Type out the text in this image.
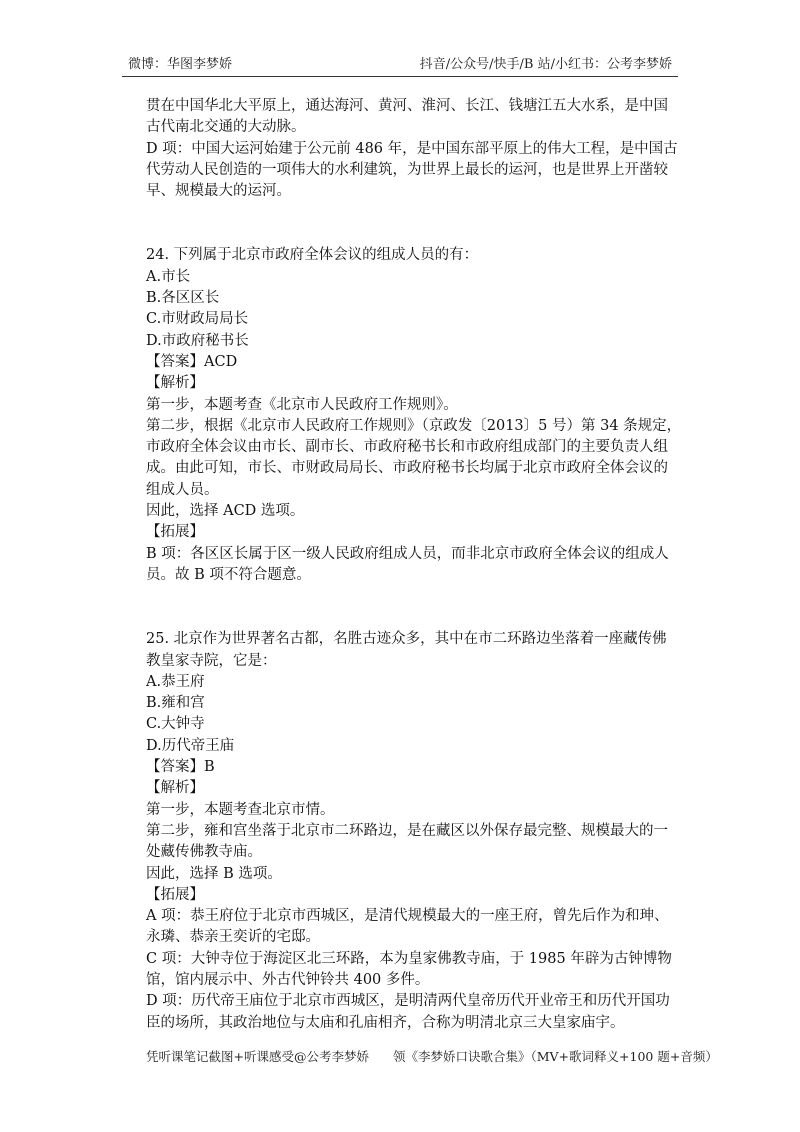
微博：华图李梦娇	抖音/公众号/快手/B 站/小红书：公考李梦娇
贯在中国华北大平原上，通达海河、黄河、淮河、长江、钱塘江五大水系，是中国
古代南北交通的大动脉。
D 项：中国大运河始建于公元前 486 年，是中国东部平原上的伟大工程，是中国古
代劳动人民创造的一项伟大的水利建筑，为世界上最长的运河，也是世界上开凿较
早、规模最大的运河。
24. 下列属于北京市政府全体会议的组成人员的有：
A.市长
B.各区区长
C.市财政局局长
D.市政府秘书长
【答案】ACD
【解析】
第一步，本题考查《北京市人民政府工作规则》。
第二步，根据《北京市人民政府工作规则》（京政发〔2013〕5 号）第 34 条规定，
市政府全体会议由市长、副市长、市政府秘书长和市政府组成部门的主要负责人组
成。由此可知，市长、市财政局局长、市政府秘书长均属于北京市政府全体会议的
组成人员。
因此，选择 ACD 选项。
【拓展】
B 项：各区区长属于区一级人民政府组成人员，而非北京市政府全体会议的组成人
员。故 B 项不符合题意。
25. 北京作为世界著名古都，名胜古迹众多，其中在市二环路边坐落着一座藏传佛
教皇家寺院，它是：
A.恭王府
B.雍和宫
C.大钟寺
D.历代帝王庙
【答案】B
【解析】
第一步，本题考查北京市情。
第二步，雍和宫坐落于北京市二环路边，是在藏区以外保存最完整、规模最大的一
处藏传佛教寺庙。
因此，选择 B 选项。
【拓展】
A 项：恭王府位于北京市西城区，是清代规模最大的一座王府，曾先后作为和珅、
永璘、恭亲王奕䜣的宅邸。
C 项：大钟寺位于海淀区北三环路，本为皇家佛教寺庙，于 1985 年辟为古钟博物
馆，馆内展示中、外古代钟铃共 400 多件。
D 项：历代帝王庙位于北京市西城区，是明清两代皇帝历代开业帝王和历代开国功
臣的场所，其政治地位与太庙和孔庙相齐，合称为明清北京三大皇家庙宇。
凭听课笔记截图+听课感受@公考李梦娇 领《李梦娇口诀歌合集》（MV+歌词释义+100 题+音频）
